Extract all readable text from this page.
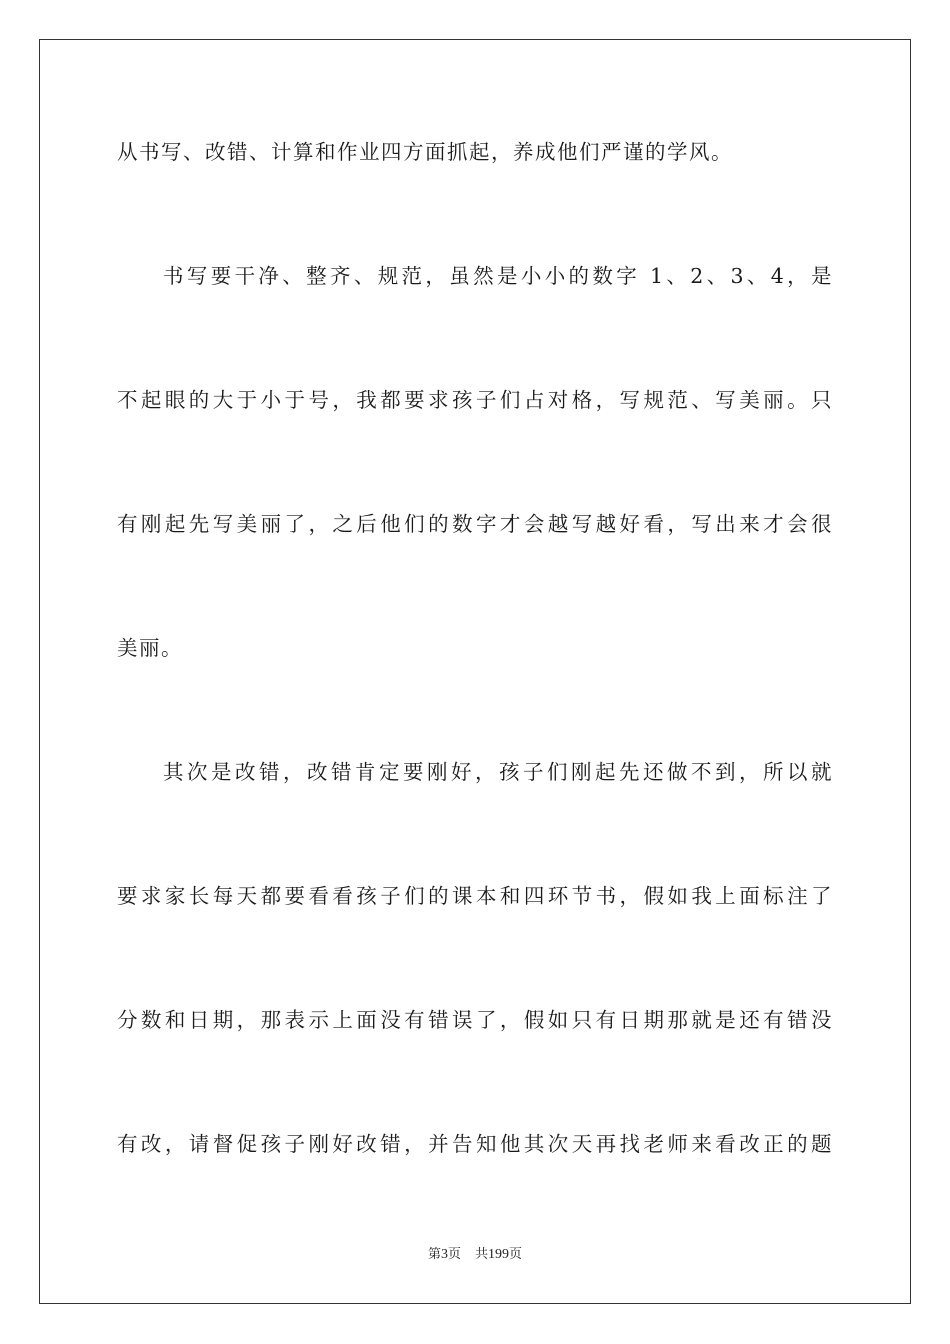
从书写、改错、计算和作业四方面抓起，养成他们严谨的学风。
书写要干净、整齐、规范，虽然是小小的数字 1、2、3、4，是
不起眼的大于小于号，我都要求孩子们占对格，写规范、写美丽。只
有刚起先写美丽了，之后他们的数字才会越写越好看，写出来才会很
美丽。
其次是改错，改错肯定要刚好，孩子们刚起先还做不到，所以就
要求家长每天都要看看孩子们的课本和四环节书，假如我上面标注了
分数和日期，那表示上面没有错误了，假如只有日期那就是还有错没
有改，请督促孩子刚好改错，并告知他其次天再找老师来看改正的题
第3页 共199页
